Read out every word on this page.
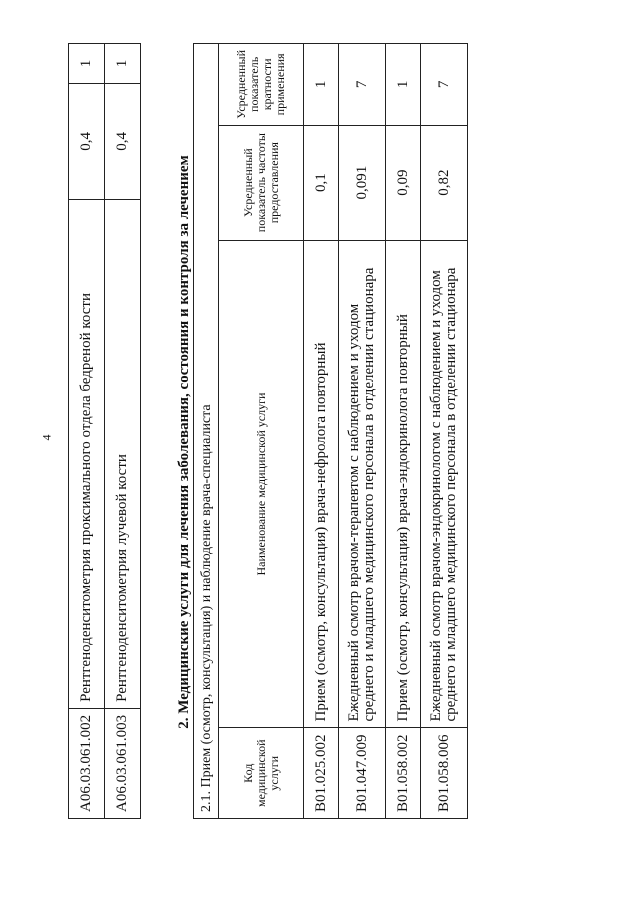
4
A06.03.061.002	Рентгеноденситометрия проксимального отдела бедреной кости	0,4	1
A06.03.061.003	Рентгеноденситометрия лучевой кости	0,4	1
2. Медицинские услуги для лечения заболевания, состояния и контроля за лечением 2.1. Прием (осмотр, консультация) и наблюдение врача-специалиста			
Код медицинской услуги	Наименование медицинской услуги	Усредненный показатель частоты предоставления	Усредненный показатель кратности применения
B01.025.002	Прием (осмотр, консультация) врача-нефролога повторный	0,1	1
B01.047.009	Ежедневный осмотр врачом-терапевтом с наблюдением и уходом среднего и младшего медицинского персонала в отделении стационара	0,091	7
B01.058.002	Прием (осмотр, консультация) врача-эндокринолога повторный	0,09	1
B01.058.006	Ежедневный осмотр врачом-эндокринологом с наблюдением и уходом среднего и младшего медицинского персонала в отделении стационара	0,82	7
